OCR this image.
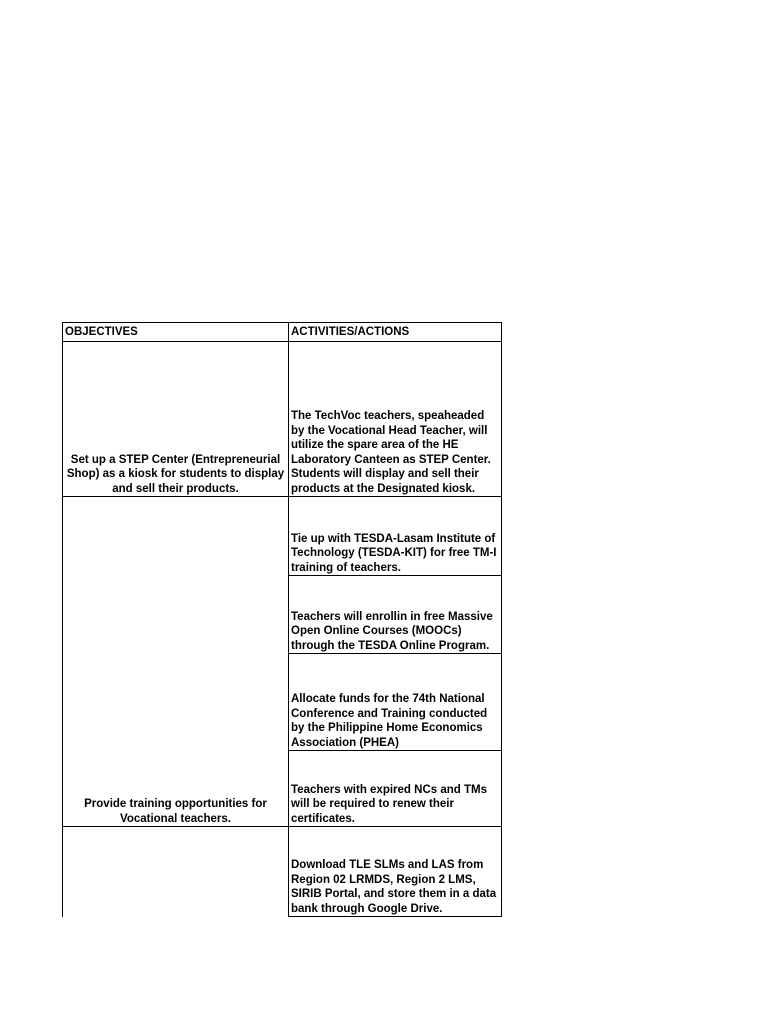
OBJECTIVES	ACTIVITIES/ACTIONS
Set up a STEP Center (Entrepreneurial Shop) as a kiosk for students to display and sell their products.	The TechVoc teachers, speaheaded by the Vocational Head Teacher, will utilize the spare area of the HE Laboratory Canteen as STEP Center. Students will display and sell their products at the Designated kiosk.
Provide training opportunities for Vocational teachers.	Tie up with TESDA-Lasam Institute of Technology (TESDA-KIT) for free TM-I training of teachers.
	Teachers will enrollin in free Massive Open Online Courses (MOOCs) through the TESDA Online Program.
	Allocate funds for the 74th National Conference and Training conducted by the Philippine Home Economics Association (PHEA)
	Teachers with expired NCs and TMs will be required to renew their certificates.
	Download TLE SLMs and LAS from Region 02 LRMDS, Region 2 LMS, SIRIB Portal, and store them in a data bank through Google Drive.
